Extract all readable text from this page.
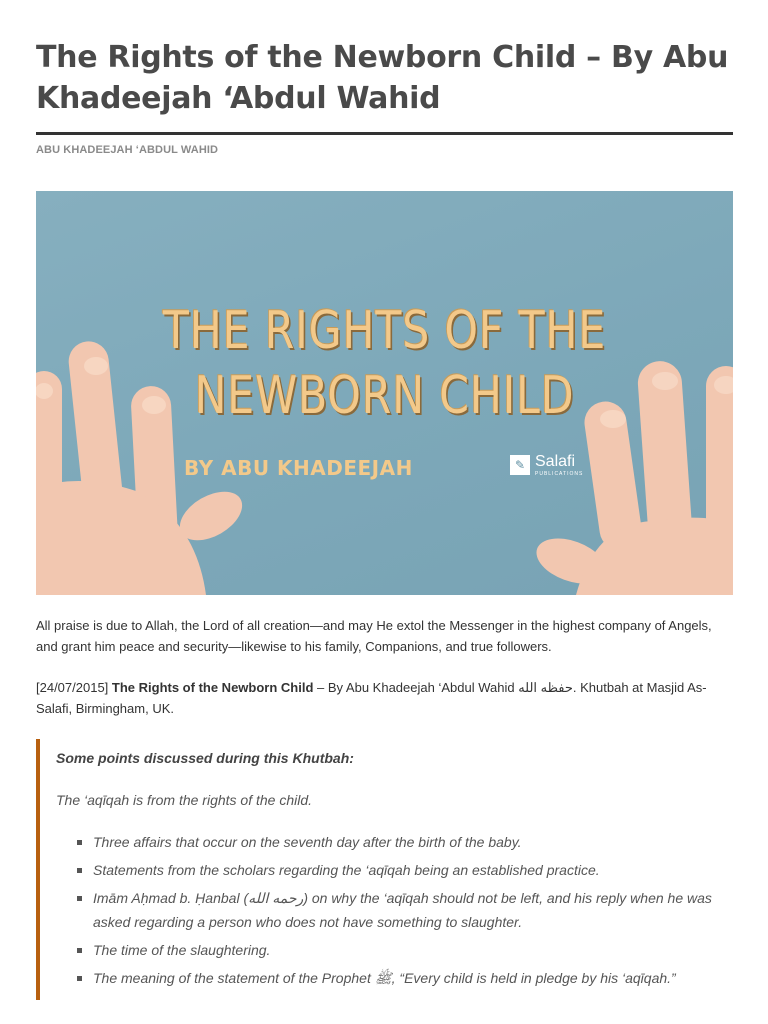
The Rights of the Newborn Child – By Abu Khadeejah ‘Abdul Wahid
ABU KHADEEJAH ‘ABDUL WAHID
THE RIGHTS OF THE
NEWBORN CHILD
BY ABU KHADEEJAH	✎ Salafi
PUBLICATIONS

All praise is due to Allah, the Lord of all creation—and may He extol the Messenger in the highest company of Angels, and grant him peace and security—likewise to his family, Companions, and true followers.

[24/07/2015] The Rights of the Newborn Child – By Abu Khadeejah ‘Abdul Wahid حفظه الله. Khutbah at Masjid As-Salafi, Birmingham, UK.

Some points discussed during this Khutbah:

The ‘aqīqah is from the rights of the child.

Three affairs that occur on the seventh day after the birth of the baby.
Statements from the scholars regarding the ‘aqīqah being an established practice.
Imām Aḥmad b. Ḥanbal (رحمه الله) on why the ‘aqīqah should not be left, and his reply when he was asked regarding a person who does not have something to slaughter.
The time of the slaughtering.
The meaning of the statement of the Prophet ﷺ, “Every child is held in pledge by his ‘aqīqah.”
